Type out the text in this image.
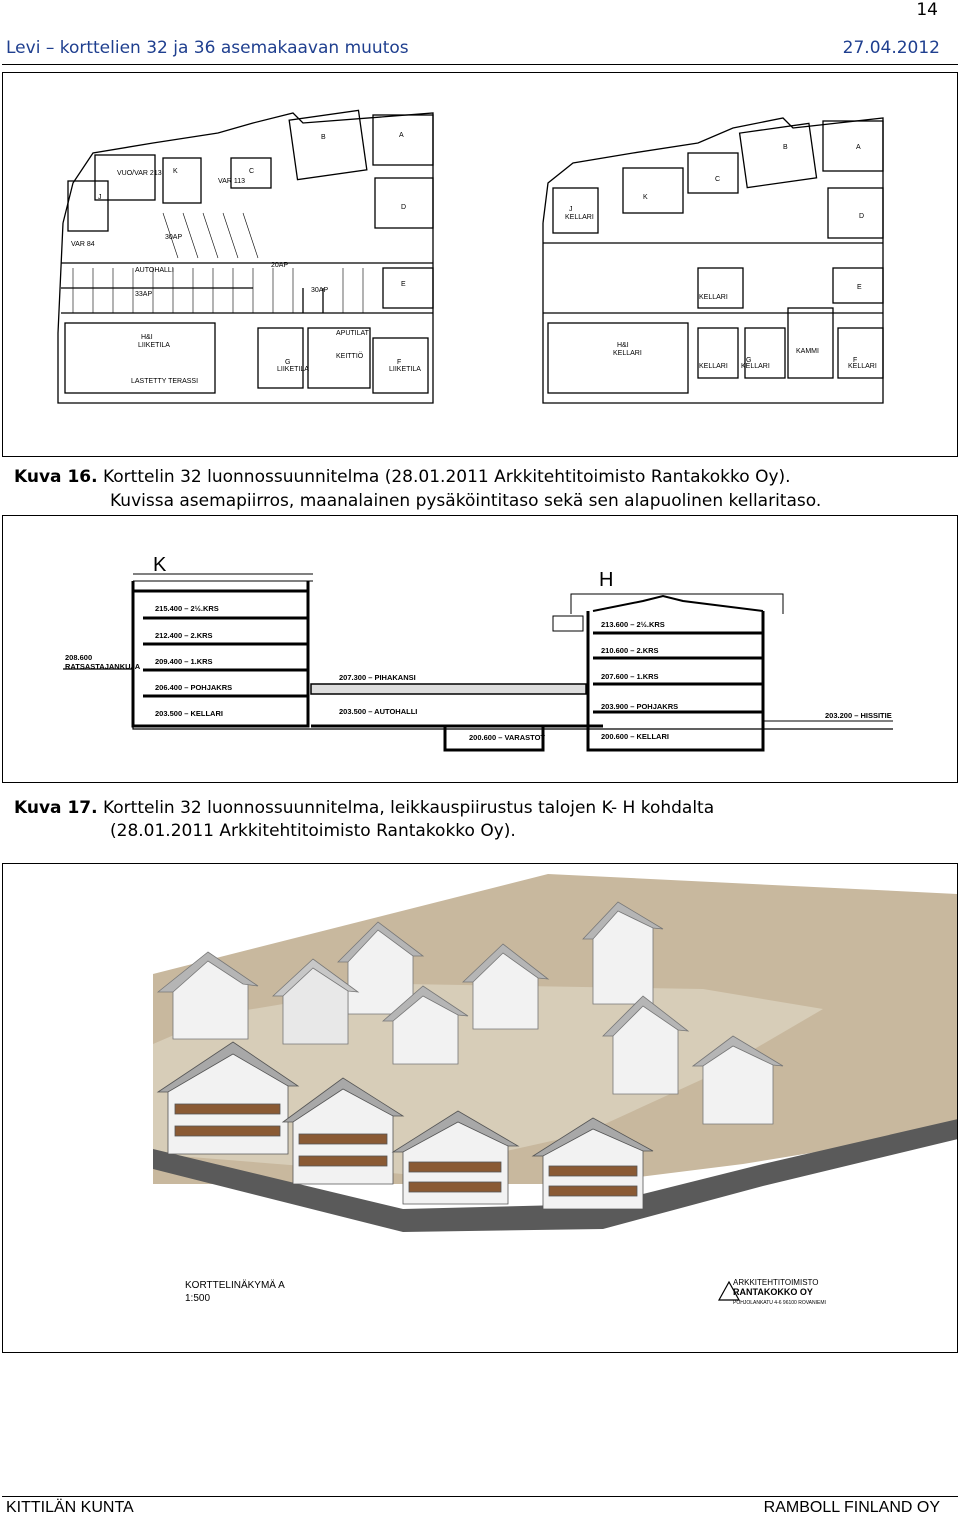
14
Levi – korttelien 32 ja 36 asemakaavan muutos	27.04.2012
B	A
K	C
J
D
E
G	F
H&I
AUTOHALLI
30AP
33AP
20AP
30AP
LIIKETILA
LIIKETILA	LIIKETILA
LASTETTY TERASSI
APUTILAT
KEITTIÖ
VAR 113
VAR 84
VUO/VAR 213
B	A
K
C
J
D
E
G	F
H&I
KELLARI
KELLARI
KELLARI
KELLARI	KELLARI
KELLARI
KAMMI
Kuva 16. Korttelin 32 luonnossuunnitelma (28.01.2011 Arkkitehtitoimisto Rantakokko Oy).
Kuvissa asemapiirros, maanalainen pysäköintitaso sekä sen alapuolinen kellaritaso.
K
H
215.400 – 2½.KRS
212.400 – 2.KRS
209.400 – 1.KRS
206.400 – POHJAKRS
203.500 – KELLARI
213.600 – 2½.KRS
210.600 – 2.KRS
207.600 – 1.KRS
203.900 – POHJAKRS
200.600 – KELLARI
208.600
RATSASTAJANKUJA
207.300 – PIHAKANSI
203.500 – AUTOHALLI
200.600 – VARASTOT
203.200 – HISSITIE
Kuva 17. Korttelin 32 luonnossuunnitelma, leikkauspiirustus talojen K- H kohdalta
(28.01.2011 Arkkitehtitoimisto Rantakokko Oy).
KORTTELINÄKYMÄ A
1:500
ARKKITEHTITOIMISTO
RANTAKOKKO OY
POHJOLANKATU 4-6 96100 ROVANIEMI
KITTILÄN KUNTA	RAMBOLL FINLAND OY
